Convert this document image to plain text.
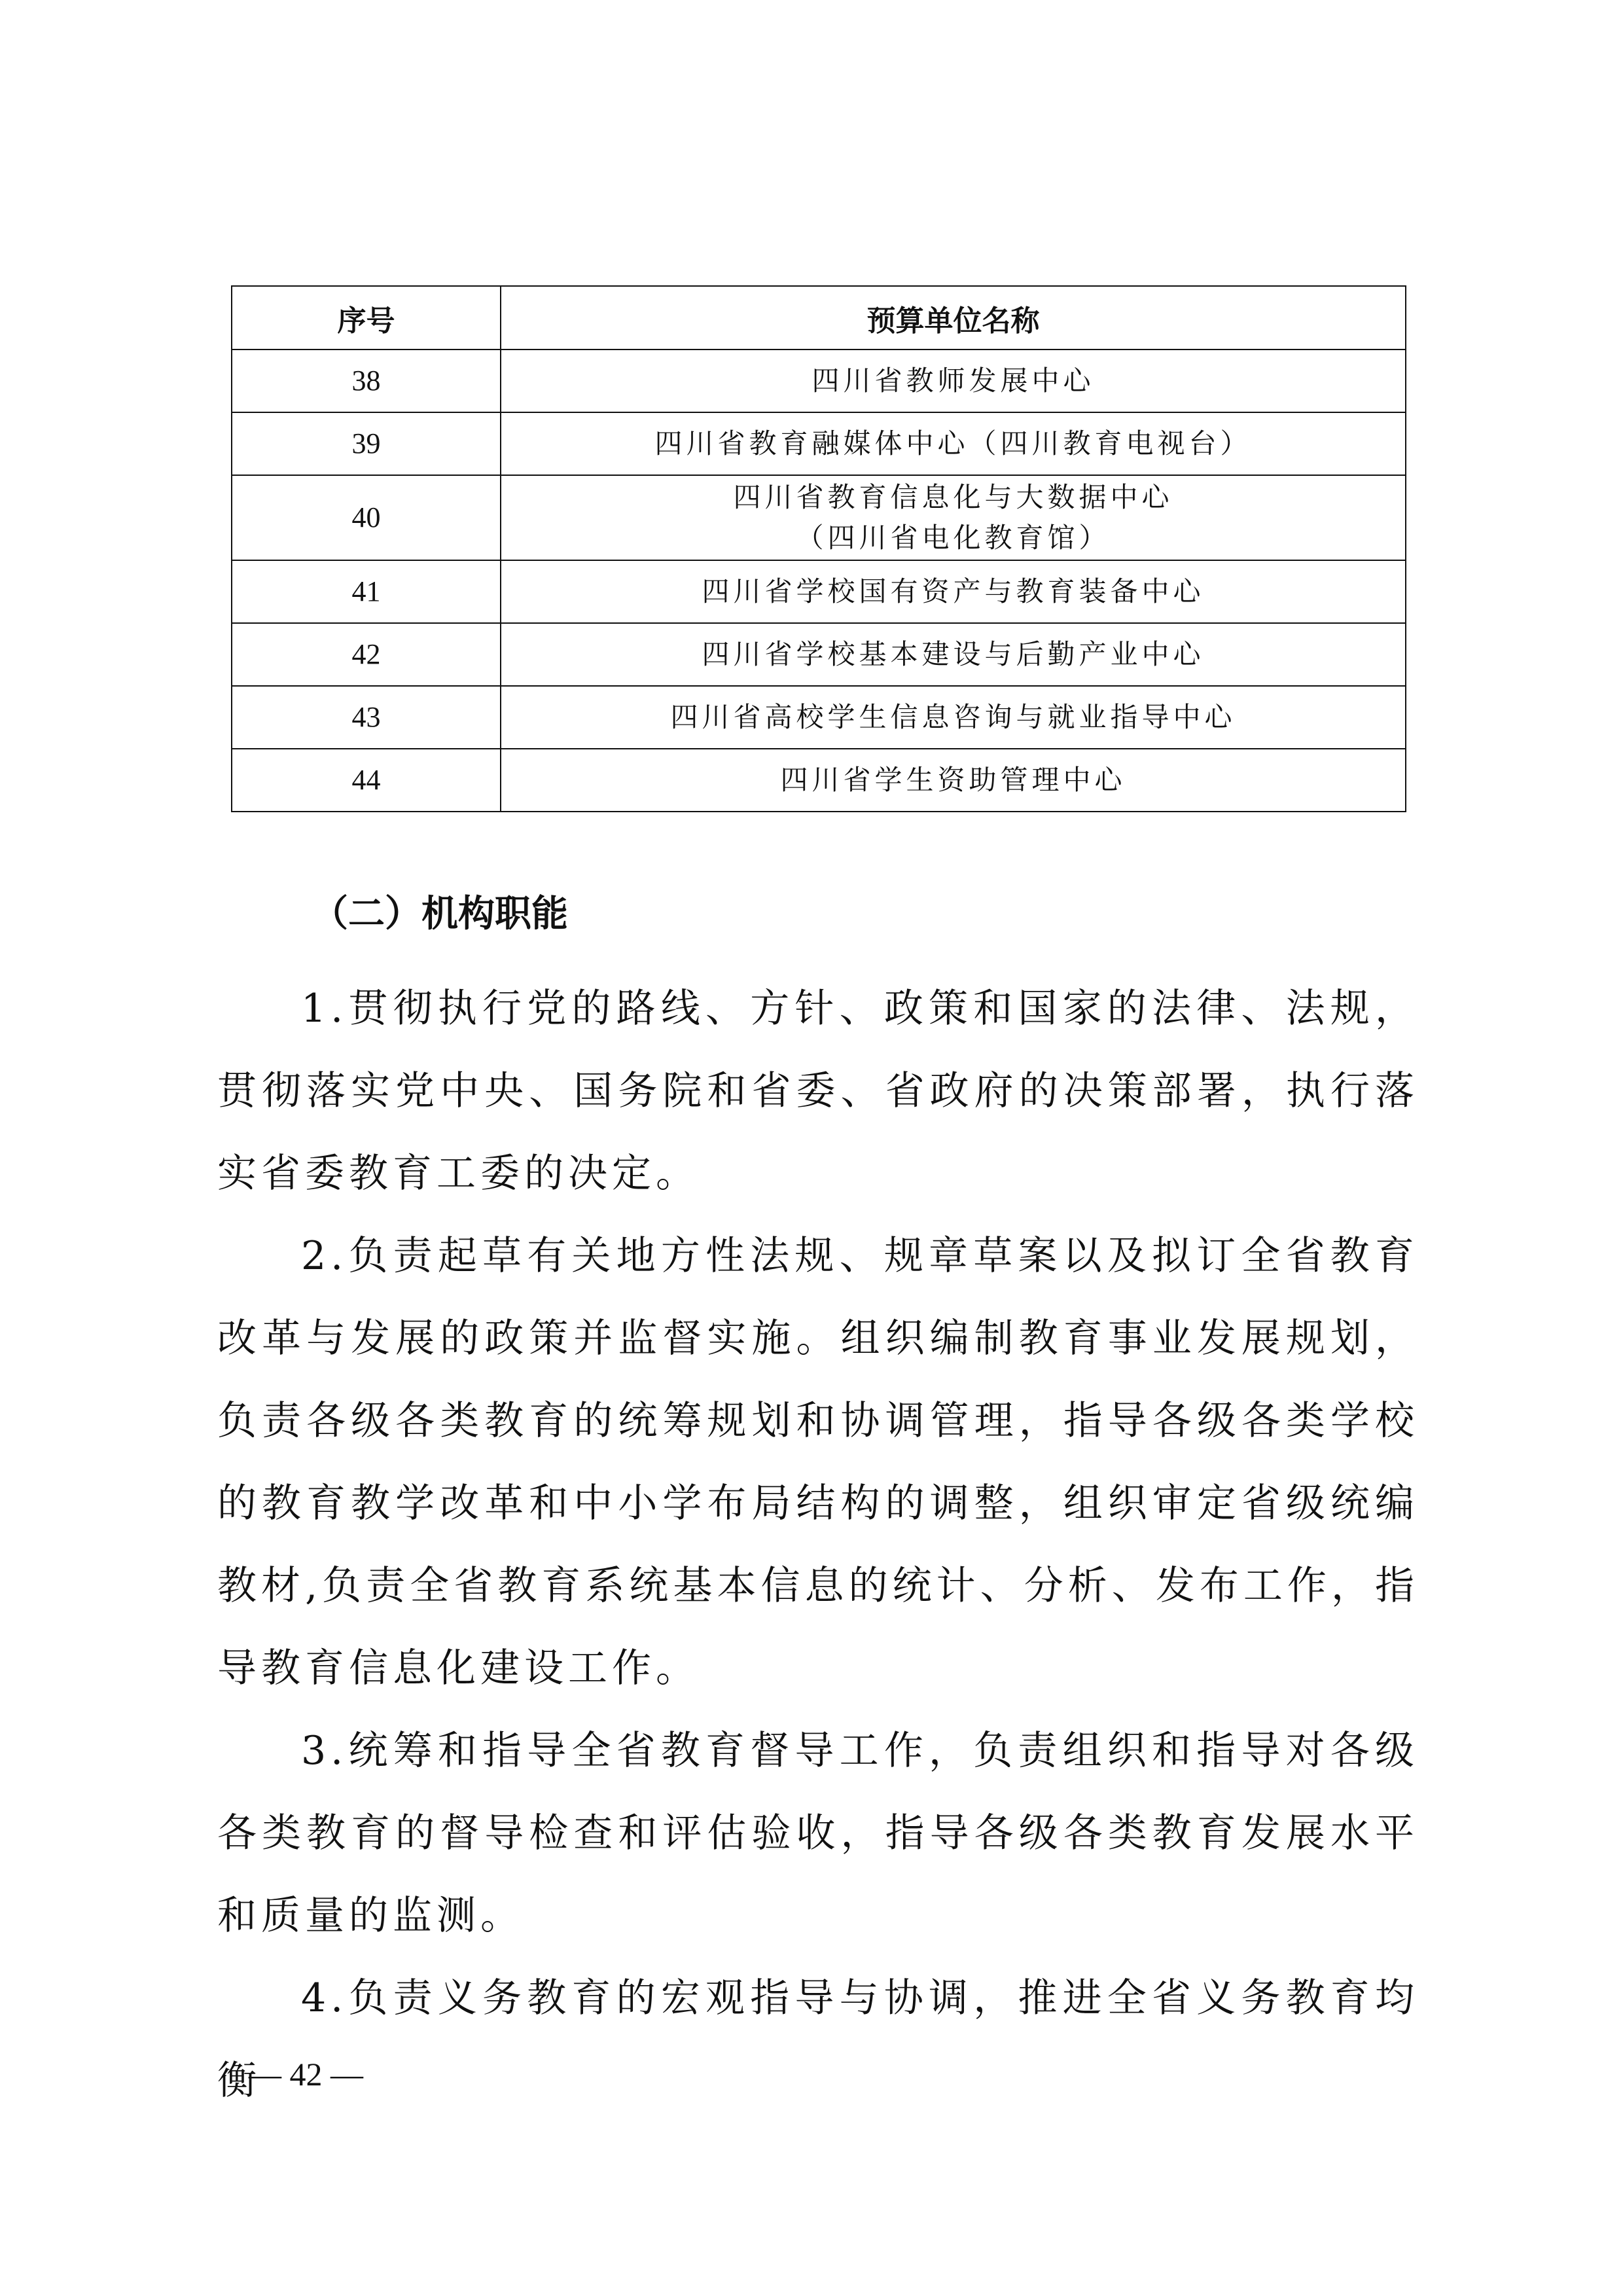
序号	预算单位名称
38	四川省教师发展中心
39	四川省教育融媒体中心（四川教育电视台）
40	四川省教育信息化与大数据中心
（四川省电化教育馆）

41	四川省学校国有资产与教育装备中心
42	四川省学校基本建设与后勤产业中心
43	四川省高校学生信息咨询与就业指导中心
44	四川省学生资助管理中心
（二）机构职能

1.贯彻执行党的路线、方针、政策和国家的法律、法规，贯彻落实党中央、国务院和省委、省政府的决策部署，执行落实省委教育工委的决定。

2.负责起草有关地方性法规、规章草案以及拟订全省教育改革与发展的政策并监督实施。组织编制教育事业发展规划，负责各级各类教育的统筹规划和协调管理，指导各级各类学校的教育教学改革和中小学布局结构的调整，组织审定省级统编教材,负责全省教育系统基本信息的统计、分析、发布工作，指导教育信息化建设工作。

3.统筹和指导全省教育督导工作，负责组织和指导对各级各类教育的督导检查和评估验收，指导各级各类教育发展水平和质量的监测。

4.负责义务教育的宏观指导与协调，推进全省义务教育均衡

— 42 —
